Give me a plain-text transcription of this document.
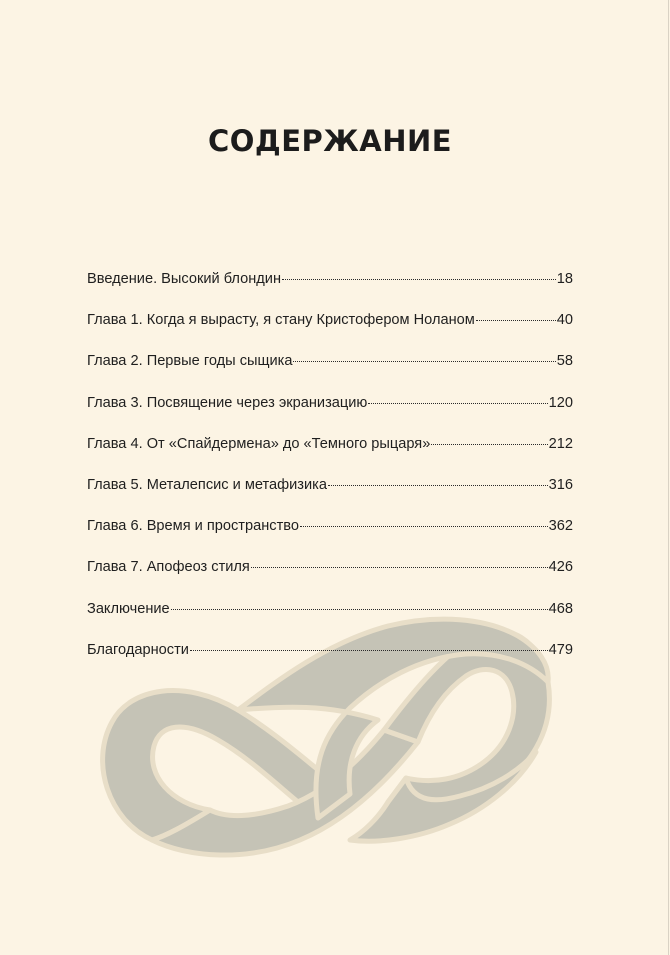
СОДЕРЖАНИЕ
Введение. Высокий блондин	18
Глава 1. Когда я вырасту, я стану Кристофером Ноланом	40
Глава 2. Первые годы сыщика	58
Глава 3. Посвящение через экранизацию	120
Глава 4. От «Спайдермена» до «Темного рыцаря»	212
Глава 5. Металепсис и метафизика	316
Глава 6. Время и пространство	362
Глава 7. Апофеоз стиля	426
Заключение	468
Благодарности	479
